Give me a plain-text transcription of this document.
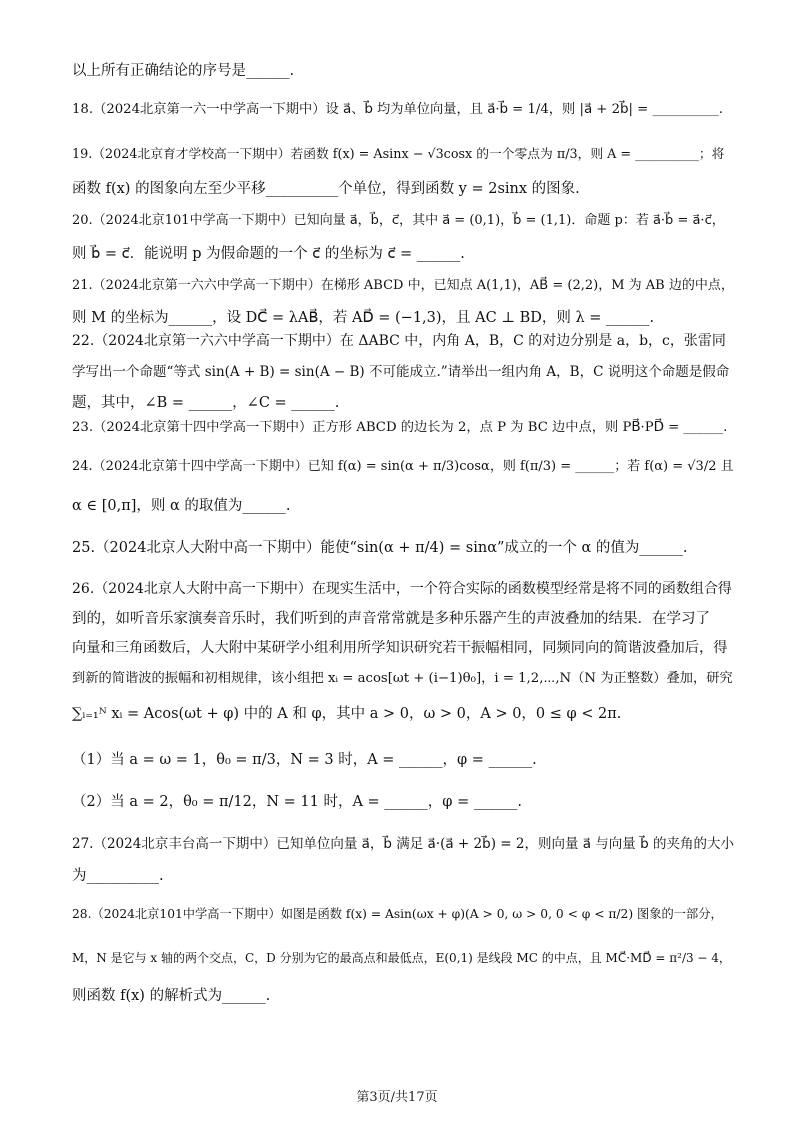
以上所有正确结论的序号是______.
18.（2024北京第一六一中学高一下期中）设 a⃗、b⃗ 均为单位向量，且 a⃗·b⃗ = 1/4，则 |a⃗ + 2b⃗| = __________.
19.（2024北京育才学校高一下期中）若函数 f(x) = Asinx − √3cosx 的一个零点为 π/3，则 A = __________；将
函数 f(x) 的图象向左至少平移__________个单位，得到函数 y = 2sinx 的图象.
20.（2024北京101中学高一下期中）已知向量 a⃗，b⃗，c⃗，其中 a⃗ = (0,1)，b⃗ = (1,1)．命题 p：若 a⃗·b⃗ = a⃗·c⃗，
则 b⃗ = c⃗．能说明 p 为假命题的一个 c⃗ 的坐标为 c⃗ = ______.
21.（2024北京第一六六中学高一下期中）在梯形 ABCD 中，已知点 A(1,1)，AB⃗ = (2,2)，M 为 AB 边的中点，
则 M 的坐标为______，设 DC⃗ = λAB⃗，若 AD⃗ = (−1,3)，且 AC ⊥ BD，则 λ = ______.
22.（2024北京第一六六中学高一下期中）在 ΔABC 中，内角 A，B，C 的对边分别是 a，b，c，张雷同
学写出一个命题“等式 sin(A + B) = sin(A − B) 不可能成立.”请举出一组内角 A，B，C 说明这个命题是假命
题，其中，∠B = ______，∠C = ______.
23.（2024北京第十四中学高一下期中）正方形 ABCD 的边长为 2，点 P 为 BC 边中点，则 PB⃗·PD⃗ = ______.
24.（2024北京第十四中学高一下期中）已知 f(α) = sin(α + π/3)cosα，则 f(π/3) = ______；若 f(α) = √3/2 且
α ∈ [0,π]，则 α 的取值为______.
25.（2024北京人大附中高一下期中）能使“sin(α + π/4) = sinα”成立的一个 α 的值为______.
26.（2024北京人大附中高一下期中）在现实生活中，一个符合实际的函数模型经常是将不同的函数组合得
到的，如听音乐家演奏音乐时，我们听到的声音常常就是多种乐器产生的声波叠加的结果．在学习了
向量和三角函数后，人大附中某研学小组利用所学知识研究若干振幅相同，同频同向的简谐波叠加后，得
到新的简谐波的振幅和初相规律，该小组把 xᵢ = acos[ωt + (i−1)θ₀]，i = 1,2,⋯,N（N 为正整数）叠加，研究
∑ᵢ₌₁ᴺ xᵢ = Acos(ωt + φ) 中的 A 和 φ，其中 a > 0，ω > 0，A > 0，0 ≤ φ < 2π.
（1）当 a = ω = 1，θ₀ = π/3，N = 3 时，A = ______，φ = ______.
（2）当 a = 2，θ₀ = π/12，N = 11 时，A = ______，φ = ______.
27.（2024北京丰台高一下期中）已知单位向量 a⃗，b⃗ 满足 a⃗·(a⃗ + 2b⃗) = 2，则向量 a⃗ 与向量 b⃗ 的夹角的大小
为__________.
28.（2024北京101中学高一下期中）如图是函数 f(x) = Asin(ωx + φ)(A > 0, ω > 0, 0 < φ < π/2) 图象的一部分，
M，N 是它与 x 轴的两个交点，C，D 分别为它的最高点和最低点，E(0,1) 是线段 MC 的中点，且 MC⃗·MD⃗ = π²/3 − 4，
则函数 f(x) 的解析式为______.
第3页/共17页
